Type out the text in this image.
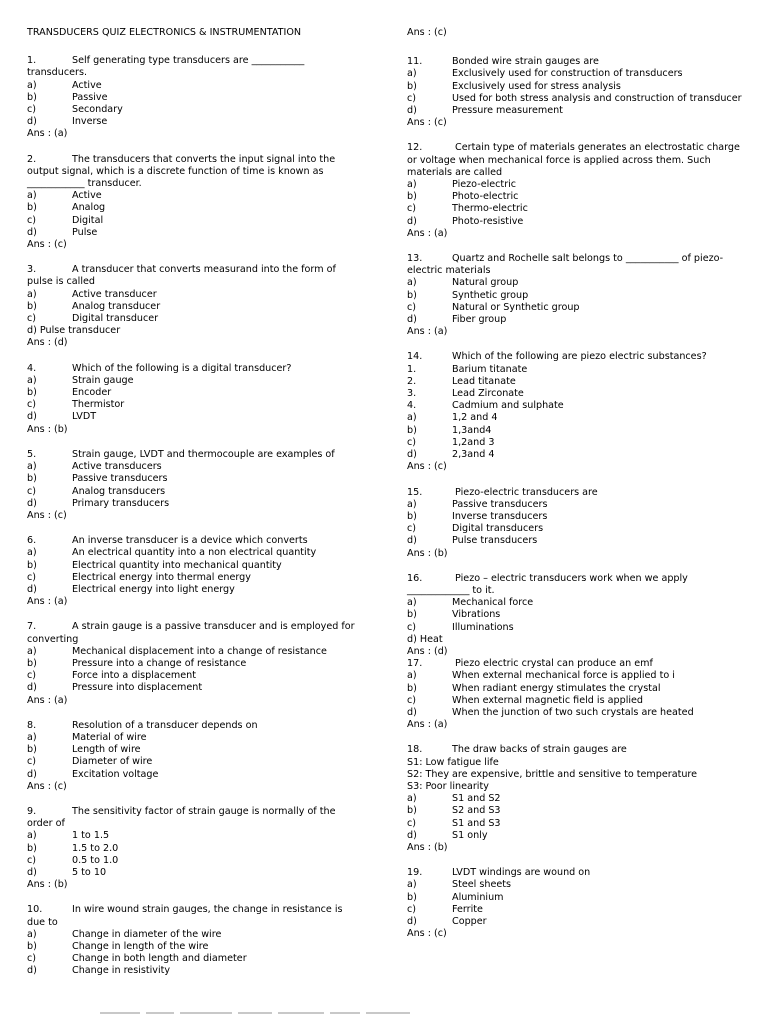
TRANSDUCERS QUIZ ELECTRONICS & INSTRUMENTATION
1.	Self generating type transducers are ___________ transducers.
a)	Active
b)	Passive
c)	Secondary
d)	Inverse
Ans : (a)
2.	The transducers that converts the input signal into the output signal, which is a discrete function of time is known as ____________ transducer.
a)	Active
b)	Analog
c)	Digital
d)	Pulse
Ans : (c)
3.	A transducer that converts measurand into the form of pulse is called
a)	Active transducer
b)	Analog transducer
c)	Digital transducer
d) Pulse transducer
Ans : (d)
4.	Which of the following is a digital transducer?
a)	Strain gauge
b)	Encoder
c)	Thermistor
d)	LVDT
Ans : (b)
5.	Strain gauge, LVDT and thermocouple are examples of
a)	Active transducers
b)	Passive transducers
c)	Analog transducers
d)	Primary transducers
Ans : (c)
6.	An inverse transducer is a device which converts
a)	An electrical quantity into a non electrical quantity
b)	Electrical quantity into mechanical quantity
c)	Electrical energy into thermal energy
d)	Electrical energy into light energy
Ans : (a)
7.	A strain gauge is a passive transducer and is employed for converting
a)	Mechanical displacement into a change of resistance
b)	Pressure into a change of resistance
c)	Force into a displacement
d)	Pressure into displacement
Ans : (a)
8.	Resolution of a transducer depends on
a)	Material of wire
b)	Length of wire
c)	Diameter of wire
d)	Excitation voltage
Ans : (c)
9.	The sensitivity factor of strain gauge is normally of the order of
a)	1 to 1.5
b)	1.5 to 2.0
c)	0.5 to 1.0
d)	5 to 10
Ans : (b)
10.	In wire wound strain gauges, the change in resistance is due to
a)	Change in diameter of the wire
b)	Change in length of the wire
c)	Change in both length and diameter
d)	Change in resistivity
Ans : (c)
11.	Bonded wire strain gauges are
a)	Exclusively used for construction of transducers
b)	Exclusively used for stress analysis
c)	Used for both stress analysis and construction of transducer
d)	Pressure measurement
Ans : (c)
12.	Certain type of materials generates an electrostatic charge or voltage when mechanical force is applied across them. Such materials are called
a)	Piezo-electric
b)	Photo-electric
c)	Thermo-electric
d)	Photo-resistive
Ans : (a)
13.	Quartz and Rochelle salt belongs to ___________ of piezo-electric materials
a)	Natural group
b)	Synthetic group
c)	Natural or Synthetic group
d)	Fiber group
Ans : (a)
14.	Which of the following are piezo electric substances?
1.	Barium titanate
2.	Lead titanate
3.	Lead Zirconate
4.	Cadmium and sulphate
a)	1,2 and 4
b)	1,3and4
c)	1,2and 3
d)	2,3and 4
Ans : (c)
15.	Piezo-electric transducers are
a)	Passive transducers
b)	Inverse transducers
c)	Digital transducers
d)	Pulse transducers
Ans : (b)
16.	Piezo – electric transducers work when we apply _____________ to it.
a)	Mechanical force
b)	Vibrations
c)	Illuminations
d) Heat
Ans : (d)
17.	Piezo electric crystal can produce an emf
a)	When external mechanical force is applied to i
b)	When radiant energy stimulates the crystal
c)	When external magnetic field is applied
d)	When the junction of two such crystals are heated
Ans : (a)
18.	The draw backs of strain gauges are
S1: Low fatigue life
S2: They are expensive, brittle and sensitive to temperature
S3: Poor linearity
a)	S1 and S2
b)	S2 and S3
c)	S1 and S3
d)	S1 only
Ans : (b)
19.	LVDT windings are wound on
a)	Steel sheets
b)	Aluminium
c)	Ferrite
d)	Copper
Ans : (c)
